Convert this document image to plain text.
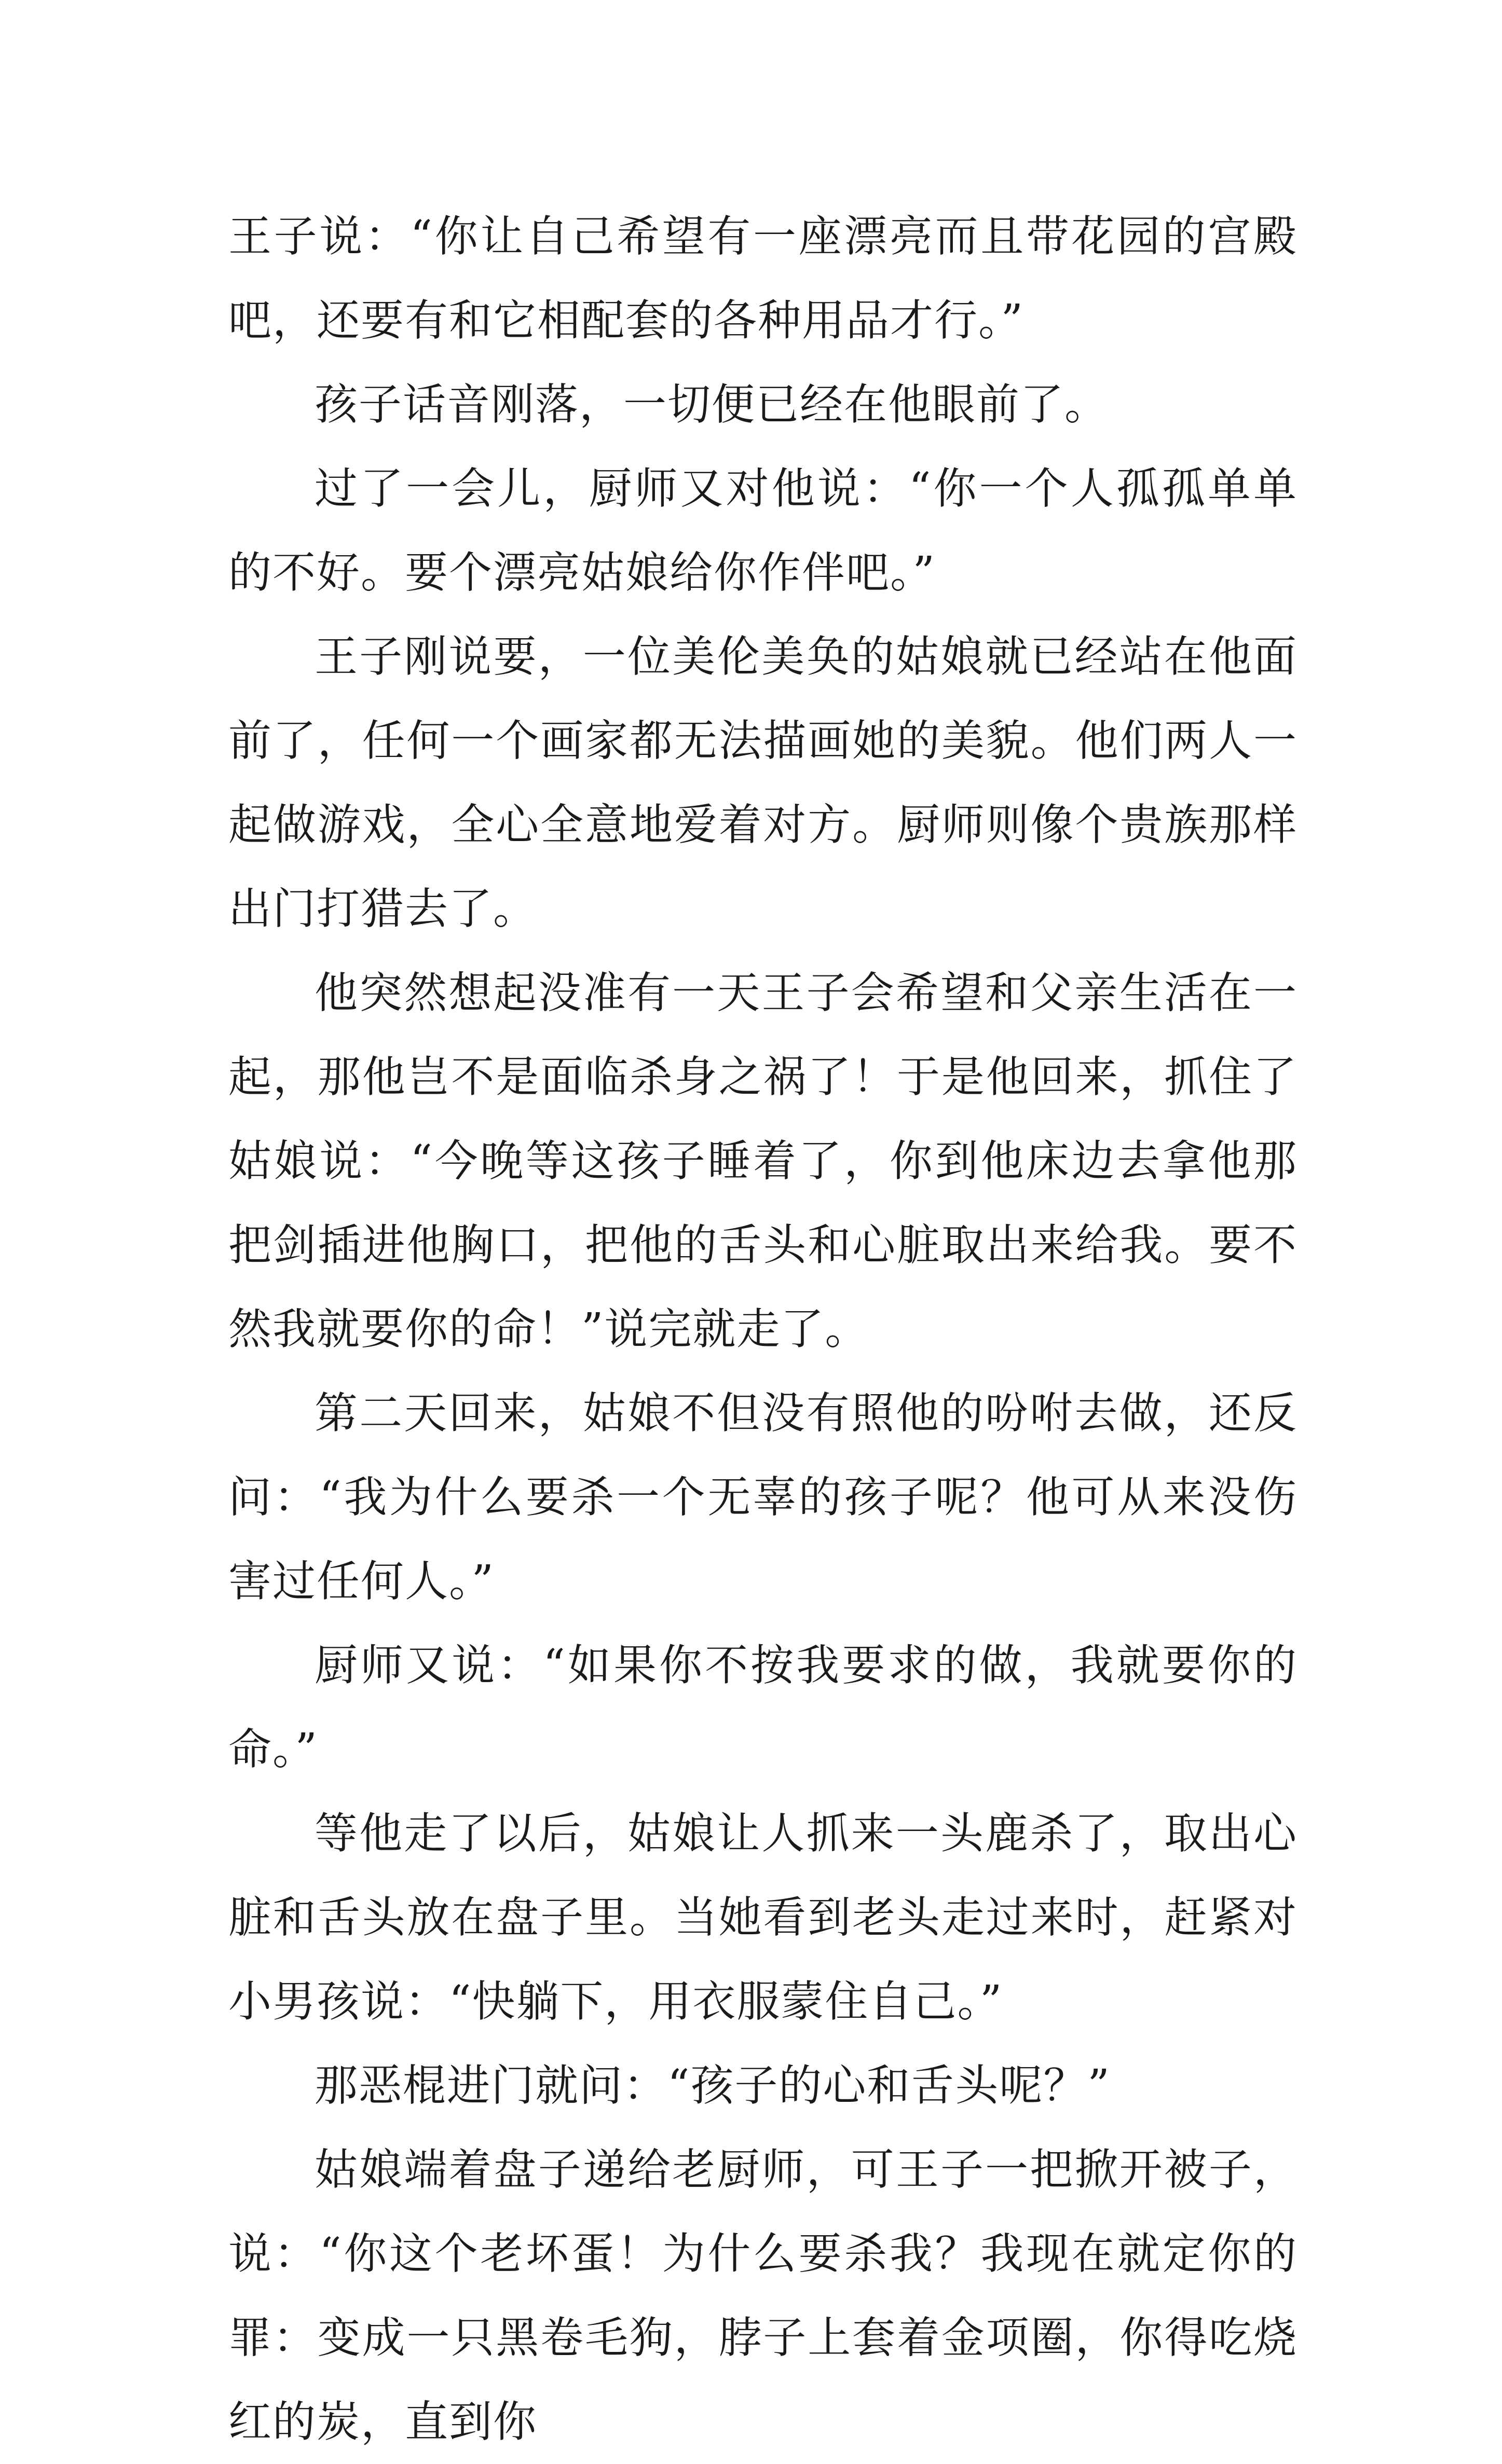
王子说：“你让自己希望有一座漂亮而且带花园的宫殿吧，还要有和它相配套的各种用品才行。”

孩子话音刚落，一切便已经在他眼前了。

过了一会儿，厨师又对他说：“你一个人孤孤单单的不好。要个漂亮姑娘给你作伴吧。”

王子刚说要，一位美伦美奂的姑娘就已经站在他面前了，任何一个画家都无法描画她的美貌。他们两人一起做游戏，全心全意地爱着对方。厨师则像个贵族那样出门打猎去了。

他突然想起没准有一天王子会希望和父亲生活在一起，那他岂不是面临杀身之祸了！于是他回来，抓住了姑娘说：“今晚等这孩子睡着了，你到他床边去拿他那把剑插进他胸口，把他的舌头和心脏取出来给我。要不然我就要你的命！”说完就走了。

第二天回来，姑娘不但没有照他的吩咐去做，还反问：“我为什么要杀一个无辜的孩子呢？他可从来没伤害过任何人。”

厨师又说：“如果你不按我要求的做，我就要你的命。”

等他走了以后，姑娘让人抓来一头鹿杀了，取出心脏和舌头放在盘子里。当她看到老头走过来时，赶紧对小男孩说：“快躺下，用衣服蒙住自己。”

那恶棍进门就问：“孩子的心和舌头呢？”

姑娘端着盘子递给老厨师，可王子一把掀开被子，说：“你这个老坏蛋！为什么要杀我？我现在就定你的罪：变成一只黑卷毛狗，脖子上套着金项圈，你得吃烧红的炭，直到你
